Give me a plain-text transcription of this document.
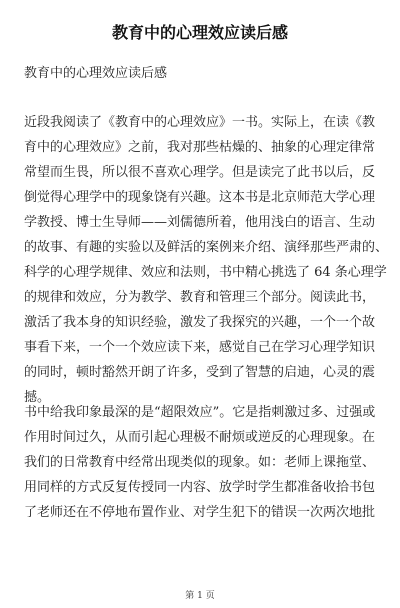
教育中的心理效应读后感
教育中的心理效应读后感
近段我阅读了《教育中的心理效应》一书。实际上，在读《教
育中的心理效应》之前，我对那些枯燥的、抽象的心理定律常
常望而生畏，所以很不喜欢心理学。但是读完了此书以后，反
倒觉得心理学中的现象饶有兴趣。这本书是北京师范大学心理
学教授、博士生导师——刘儒德所着，他用浅白的语言、生动
的故事、有趣的实验以及鲜活的案例来介绍、演绎那些严肃的、
科学的心理学规律、效应和法则，书中精心挑选了 64 条心理学
的规律和效应，分为教学、教育和管理三个部分。阅读此书，
激活了我本身的知识经验，激发了我探究的兴趣，一个一个故
事看下来，一个一个效应读下来，感觉自己在学习心理学知识
的同时，顿时豁然开朗了许多，受到了智慧的启迪，心灵的震
撼。
书中给我印象最深的是“超限效应”。它是指刺激过多、过强或
作用时间过久，从而引起心理极不耐烦或逆反的心理现象。在
我们的日常教育中经常出现类似的现象。如：老师上课拖堂、
用同样的方式反复传授同一内容、放学时学生都准备收拾书包
了老师还在不停地布置作业、对学生犯下的错误一次两次地批
第 1 页
